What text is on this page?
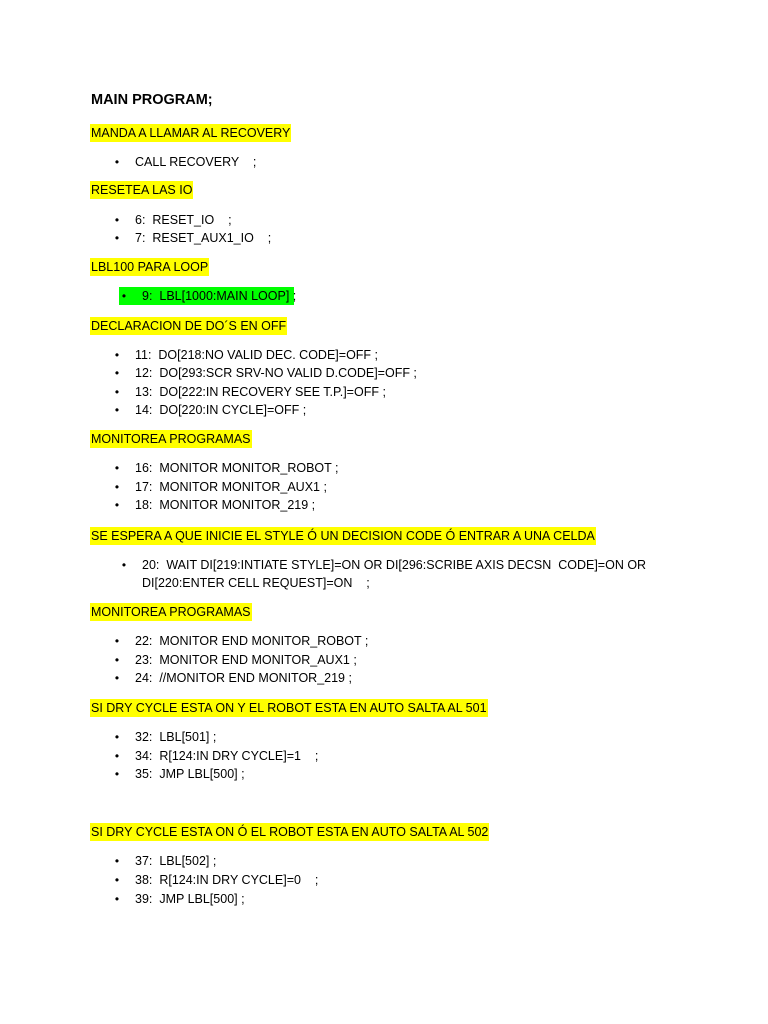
MAIN PROGRAM;
MANDA A LLAMAR AL RECOVERY

•

CALL RECOVERY    ;

RESETEA LAS IO

•

6:  RESET_IO    ;

•

7:  RESET_AUX1_IO    ;

LBL100 PARA LOOP

•

9:  LBL[1000:MAIN LOOP] ;

DECLARACION DE DO´S EN OFF

•

11:  DO[218:NO VALID DEC. CODE]=OFF ;

•

12:  DO[293:SCR SRV-NO VALID D.CODE]=OFF ;

•

13:  DO[222:IN RECOVERY SEE T.P.]=OFF ;

•

14:  DO[220:IN CYCLE]=OFF ;

MONITOREA PROGRAMAS

•

16:  MONITOR MONITOR_ROBOT ;

•

17:  MONITOR MONITOR_AUX1 ;

•

18:  MONITOR MONITOR_219 ;

SE ESPERA A QUE INICIE EL STYLE Ó UN DECISION CODE Ó ENTRAR A UNA CELDA

•

20:  WAIT DI[219:INTIATE STYLE]=ON OR DI[296:SCRIBE AXIS DECSN  CODE]=ON OR
DI[220:ENTER CELL REQUEST]=ON    ;

MONITOREA PROGRAMAS

•

22:  MONITOR END MONITOR_ROBOT ;

•

23:  MONITOR END MONITOR_AUX1 ;

•

24:  //MONITOR END MONITOR_219 ;

SI DRY CYCLE ESTA ON Y EL ROBOT ESTA EN AUTO SALTA AL 501

•

32:  LBL[501] ;

•

34:  R[124:IN DRY CYCLE]=1    ;

•

35:  JMP LBL[500] ;

SI DRY CYCLE ESTA ON Ó EL ROBOT ESTA EN AUTO SALTA AL 502

•

37:  LBL[502] ;

•

38:  R[124:IN DRY CYCLE]=0    ;

•

39:  JMP LBL[500] ;
